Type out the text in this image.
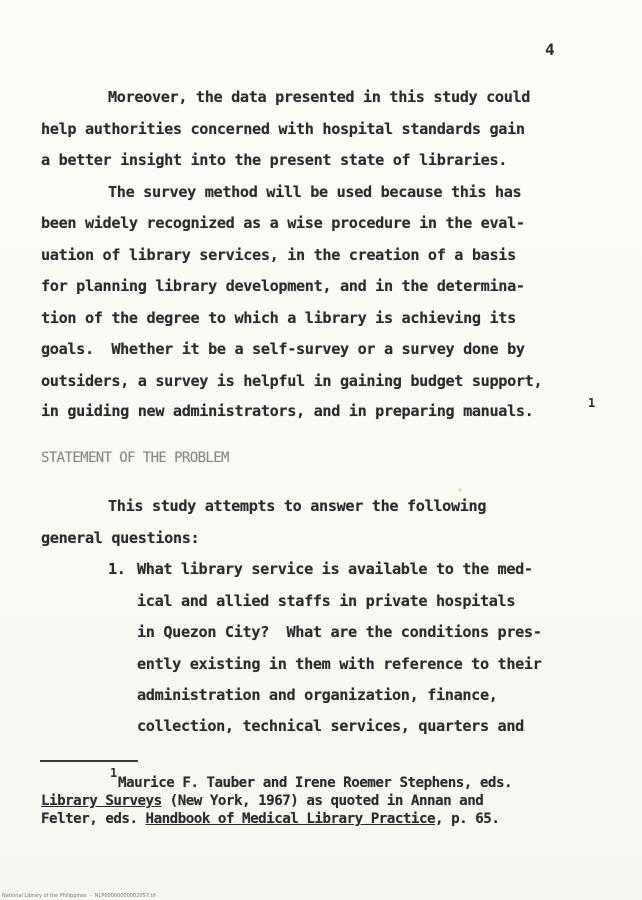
4
Moreover, the data presented in this study could
help authorities concerned with hospital standards gain
a better insight into the present state of libraries.
The survey method will be used because this has
been widely recognized as a wise procedure in the eval-
uation of library services, in the creation of a basis
for planning library development, and in the determina-
tion of the degree to which a library is achieving its
goals.  Whether it be a self-survey or a survey done by
outsiders, a survey is helpful in gaining budget support,
in guiding new administrators, and in preparing manuals.	1
STATEMENT OF THE PROBLEM
This study attempts to answer the following
general questions:
1. What library service is available to the med-
ical and allied staffs in private hospitals
in Quezon City?  What are the conditions pres-
ently existing in them with reference to their
administration and organization, finance,
collection, technical services, quarters and
1
Maurice F. Tauber and Irene Roemer Stephens, eds.
Library Surveys (New York, 1967) as quoted in Annan and
Felter, eds. Handbook of Medical Library Practice, p. 65.
National Library of the Philippines  -  NLP00000000002057.tif
